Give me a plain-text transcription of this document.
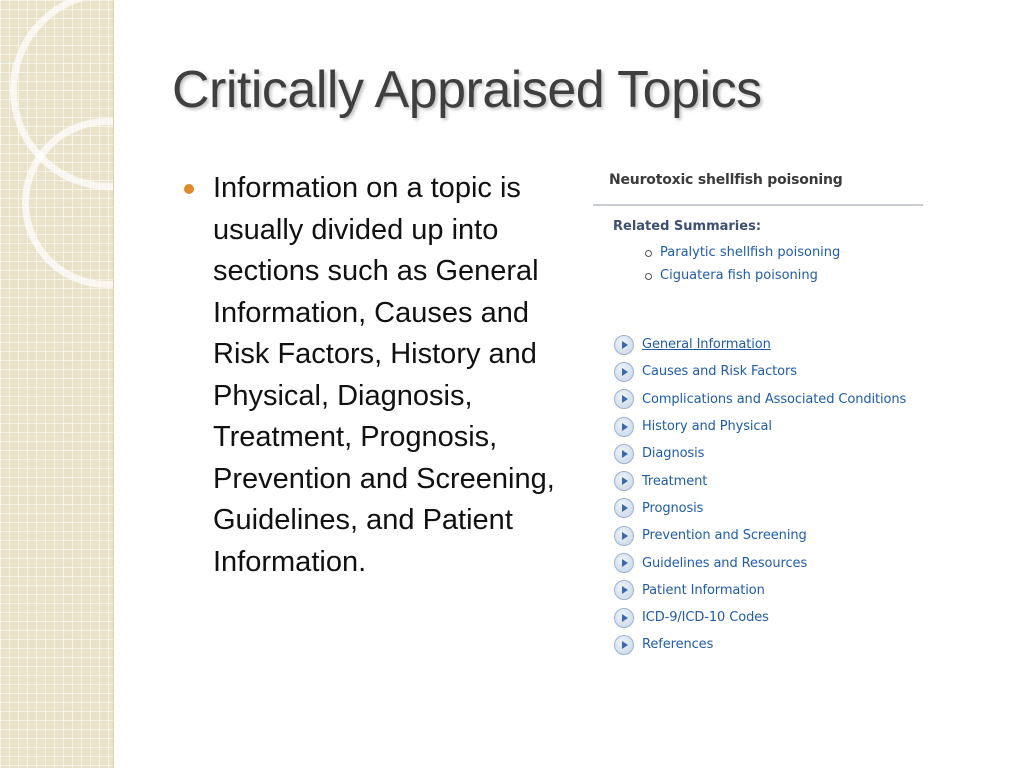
Critically Appraised Topics
Information on a topic is usually divided up into sections such as General Information, Causes and Risk Factors, History and Physical, Diagnosis, Treatment, Prognosis, Prevention and Screening, Guidelines, and Patient Information.
Neurotoxic shellfish poisoning
Related Summaries:
Paralytic shellfish poisoning
Ciguatera fish poisoning
General Information
Causes and Risk Factors
Complications and Associated Conditions
History and Physical
Diagnosis
Treatment
Prognosis
Prevention and Screening
Guidelines and Resources
Patient Information
ICD-9/ICD-10 Codes
References
